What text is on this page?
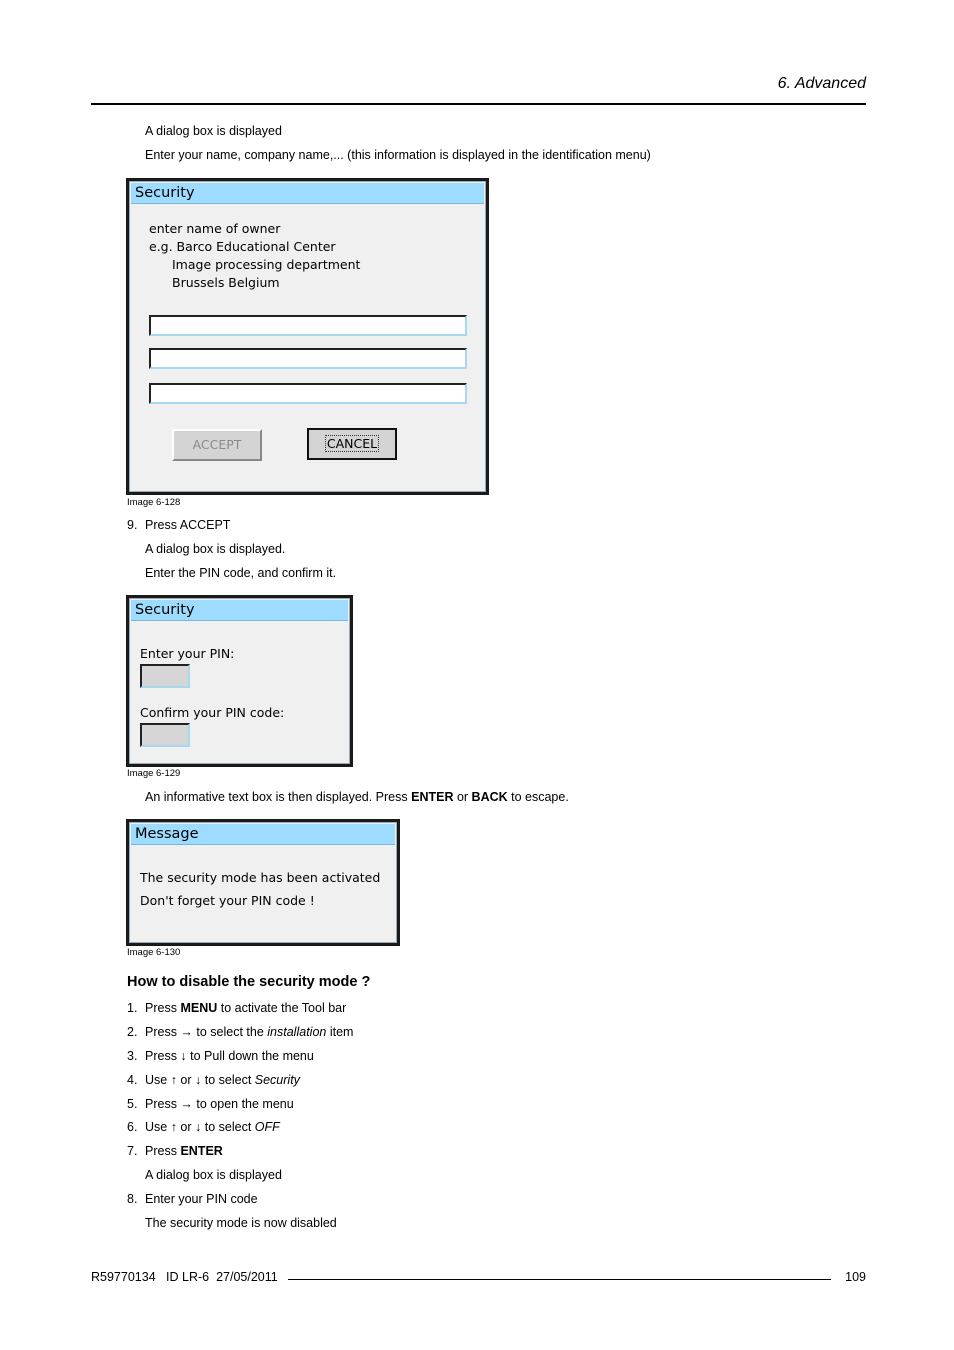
6. Advanced
A dialog box is displayed
Enter your name, company name,... (this information is displayed in the identification menu)
Security
enter name of owner
e.g. Barco Educational Center
Image processing department
Brussels Belgium
ACCEPT	CANCEL
Image 6-128
9. Press ACCEPT
A dialog box is displayed.
Enter the PIN code, and confirm it.
Security
Enter your PIN:
Confirm your PIN code:
Image 6-129
An informative text box is then displayed. Press ENTER or BACK to escape.
Message
The security mode has been activated
Don't forget your PIN code !
Image 6-130
How to disable the security mode ?
1. Press MENU to activate the Tool bar
2. Press → to select the installation item
3. Press ↓ to Pull down the menu
4. Use ↑ or ↓ to select Security
5. Press → to open the menu
6. Use ↑ or ↓ to select OFF
7. Press ENTER
A dialog box is displayed
8. Enter your PIN code
The security mode is now disabled
R59770134   ID LR-6  27/05/2011	109
